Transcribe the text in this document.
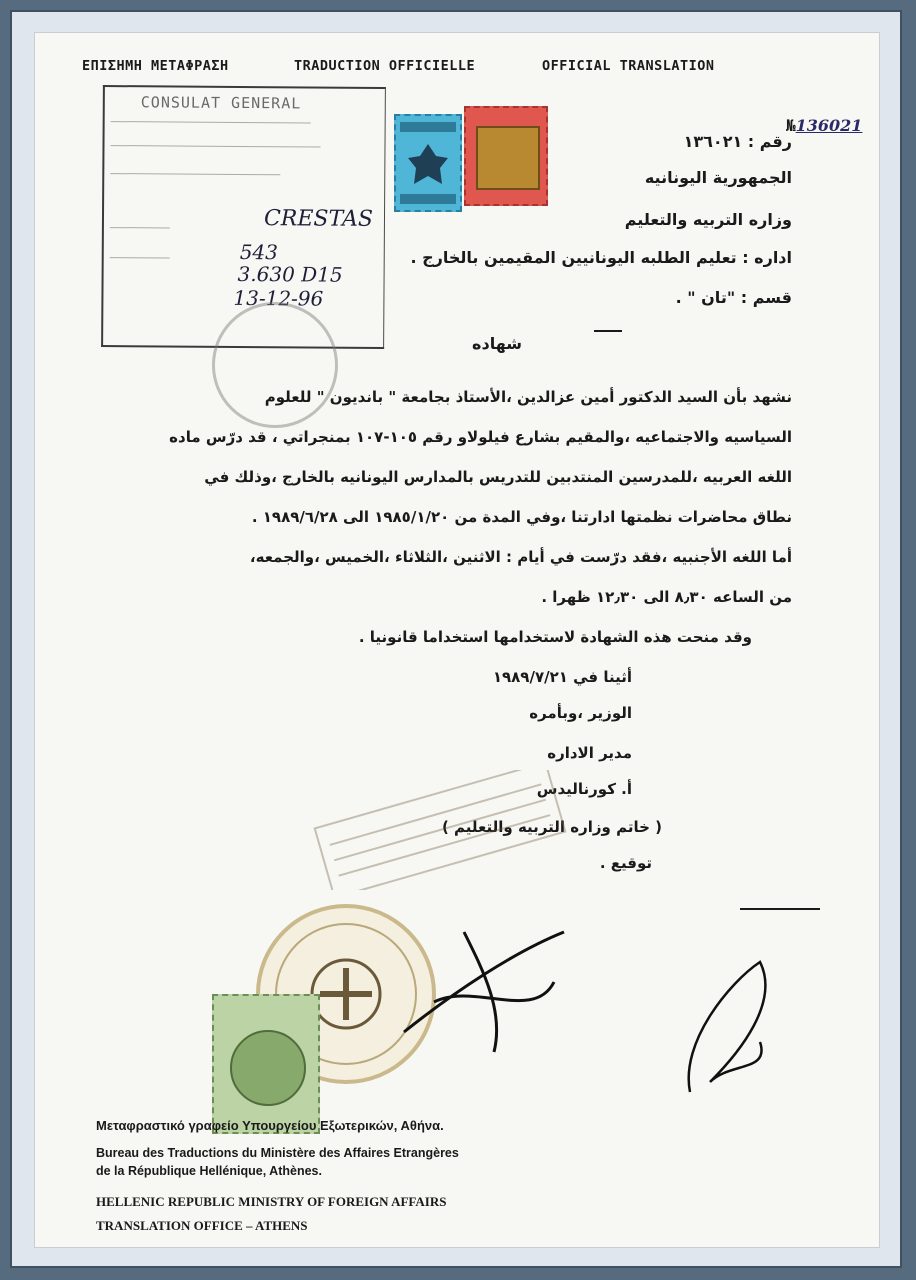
ΕΠΙΣΗΜΗ ΜΕΤΑΦΡΑΣΗ	TRADUCTION OFFICIELLE	OFFICIAL TRANSLATION
№136021
CONSULAT GENERAL
CRESTAS
543
3.630 D15
13-12-96
رقم : ١٣٦٠٢١
الجمهورية اليونانيه
وزاره التربيه والتعليم
اداره : تعليم الطلبه اليونانيين المقيمين بالخارج .
قسم : "تان " .
شهاده
نشهد بأن السيد الدكتور أمين عزالدين ،الأستاذ بجامعة " بانديون " للعلوم
السياسيه والاجتماعيه ،والمقيم بشارع فيلولاو رقم ١٠٥-١٠٧ بمنجراتي ، قد درّس ماده
اللغه العربيه ،للمدرسين المنتدبين للتدريس بالمدارس اليونانيه بالخارج ،وذلك في
نطاق محاضرات نظمتها ادارتنا ،وفي المدة من ١٩٨٥/١/٢٠ الى ١٩٨٩/٦/٢٨ .
أما اللغه الأجنبيه ،فقد درّست في أيام : الاثنين ،الثلاثاء ،الخميس ،والجمعه،
من الساعه ٨٫٣٠ الى ١٢٫٣٠ ظهرا .
وقد منحت هذه الشهادة لاستخدامها استخداما قانونيا .
أثينا في ١٩٨٩/٧/٢١
الوزير ،وبأمره
مدير الاداره
أ. كورناليدس
( خاتم وزاره التربيه والتعليم )
توقيع .
Μεταφραστικό γραφείο Υπουργείου Εξωτερικών, Αθήνα.
Bureau des Traductions du Ministère des Affaires Etrangères
de la République Hellénique, Athènes.
HELLENIC REPUBLIC MINISTRY OF FOREIGN AFFAIRS
TRANSLATION OFFICE – ATHENS
